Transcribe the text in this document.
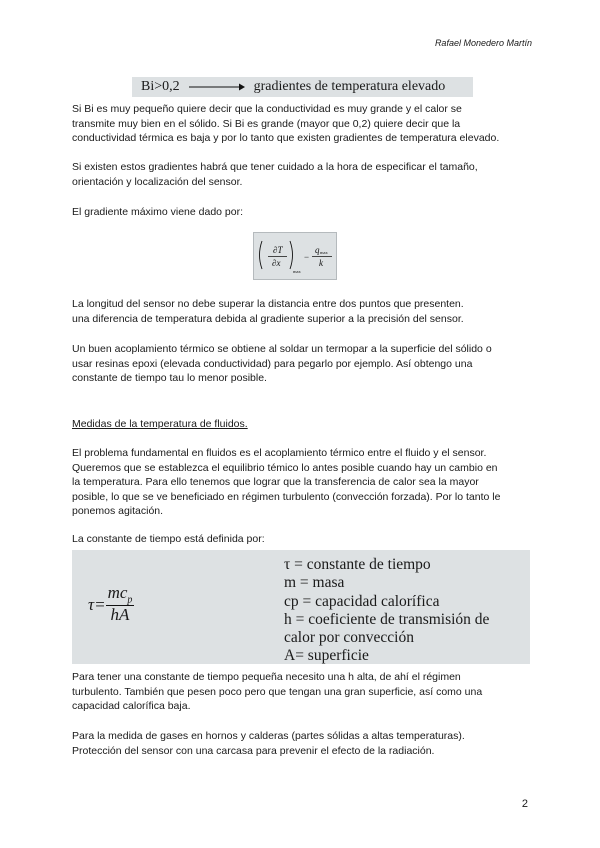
Rafael Monedero Martín
Bi>0,2	gradientes de temperatura elevado
Si Bi es muy pequeño quiere decir que la conductividad es muy grande y el calor se
transmite muy bien en el sólido. Si Bi es grande (mayor que 0,2) quiere decir que la
conductividad térmica es baja y por lo tanto que existen gradientes de temperatura elevado.
Si existen estos gradientes habrá que tener cuidado a la hora de especificar el tamaño,
orientación y localización del sensor.
El gradiente máximo viene dado por:
∂T
∂x
max
−
q max
k
La longitud del sensor no debe superar la distancia entre dos puntos que presenten.
una diferencia de temperatura debida al gradiente superior a la precisión del sensor.
Un buen acoplamiento térmico se obtiene al soldar un termopar a la superficie del sólido o
usar resinas epoxi (elevada conductividad) para pegarlo por ejemplo. Así obtengo una
constante de tiempo tau lo menor posible.
Medidas de la temperatura de fluidos.
El problema fundamental en fluidos es el acoplamiento térmico entre el fluido y el sensor.
Queremos que se establezca el equilibrio témico lo antes posible cuando hay un cambio en
la temperatura. Para ello tenemos que lograr que la transferencia de calor sea la mayor
posible, lo que se ve beneficiado en régimen turbulento (convección forzada). Por lo tanto le
ponemos agitación.
La constante de tiempo está definida por:
$\tau = \frac{mc_p}{hA}$
τ = constante de tiempo
m = masa
cp = capacidad calorífica
h = coeficiente de transmisión de
calor por convección
A= superficie
Para tener una constante de tiempo pequeña necesito una h alta, de ahí el régimen
turbulento. También que pesen poco pero que tengan una gran superficie, así como una
capacidad calorífica baja.
Para la medida de gases en hornos y calderas (partes sólidas a altas temperaturas).
Protección del sensor con una carcasa para prevenir el efecto de la radiación.
2
